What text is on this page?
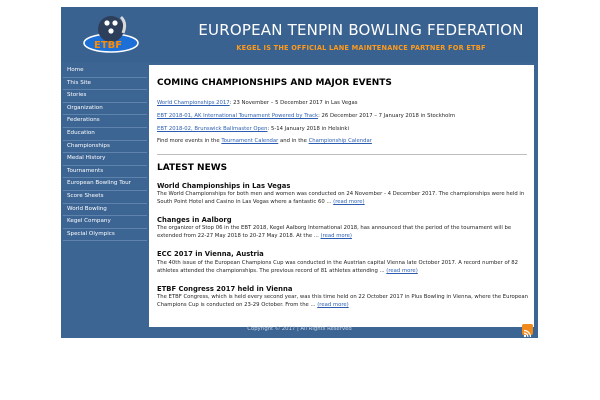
ETBF
EUROPEAN TENPIN BOWLING FEDERATION
KEGEL IS THE OFFICIAL LANE MAINTENANCE PARTNER FOR ETBF
Home
This Site
Stories
Organization
Federations
Education
Championships
Medal History
Tournaments
European Bowling Tour
Score Sheets
World Bowling
Kegel Company
Special Olympics
COMING CHAMPIONSHIPS AND MAJOR EVENTS
World Championships 2017: 23 November – 5 December 2017 in Las Vegas
EBT 2018-01, AK International Tournament Powered by Track: 26 December 2017 – 7 January 2018 in Stockholm
EBT 2018-02, Brunswick Ballmaster Open: 5-14 January 2018 in Helsinki
Find more events in the Tournament Calendar and in the Championship Calendar
LATEST NEWS
World Championships in Las Vegas
The World Championships for both men and women was conducted on 24 November - 4 December 2017. The championships were held in South Point Hotel and Casino in Las Vegas where a fantastic 60 ... (read more)
Changes in Aalborg
The organizer of Stop 06 in the EBT 2018, Kegel Aalborg International 2018, has announced that the period of the tournament will be extended from 22-27 May 2018 to 20-27 May 2018. At the ... (read more)
ECC 2017 in Vienna, Austria
The 40th issue of the European Champions Cup was conducted in the Austrian capital Vienna late October 2017. A record number of 82 athletes attended the championships. The previous record of 81 athletes attending ... (read more)
ETBF Congress 2017 held in Vienna
The ETBF Congress, which is held every second year, was this time held on 22 October 2017 in Plus Bowling in Vienna, where the European Champions Cup is conducted on 23-29 October. From the ... (read more)
Copyright © 2017 | All Rights Reserved
